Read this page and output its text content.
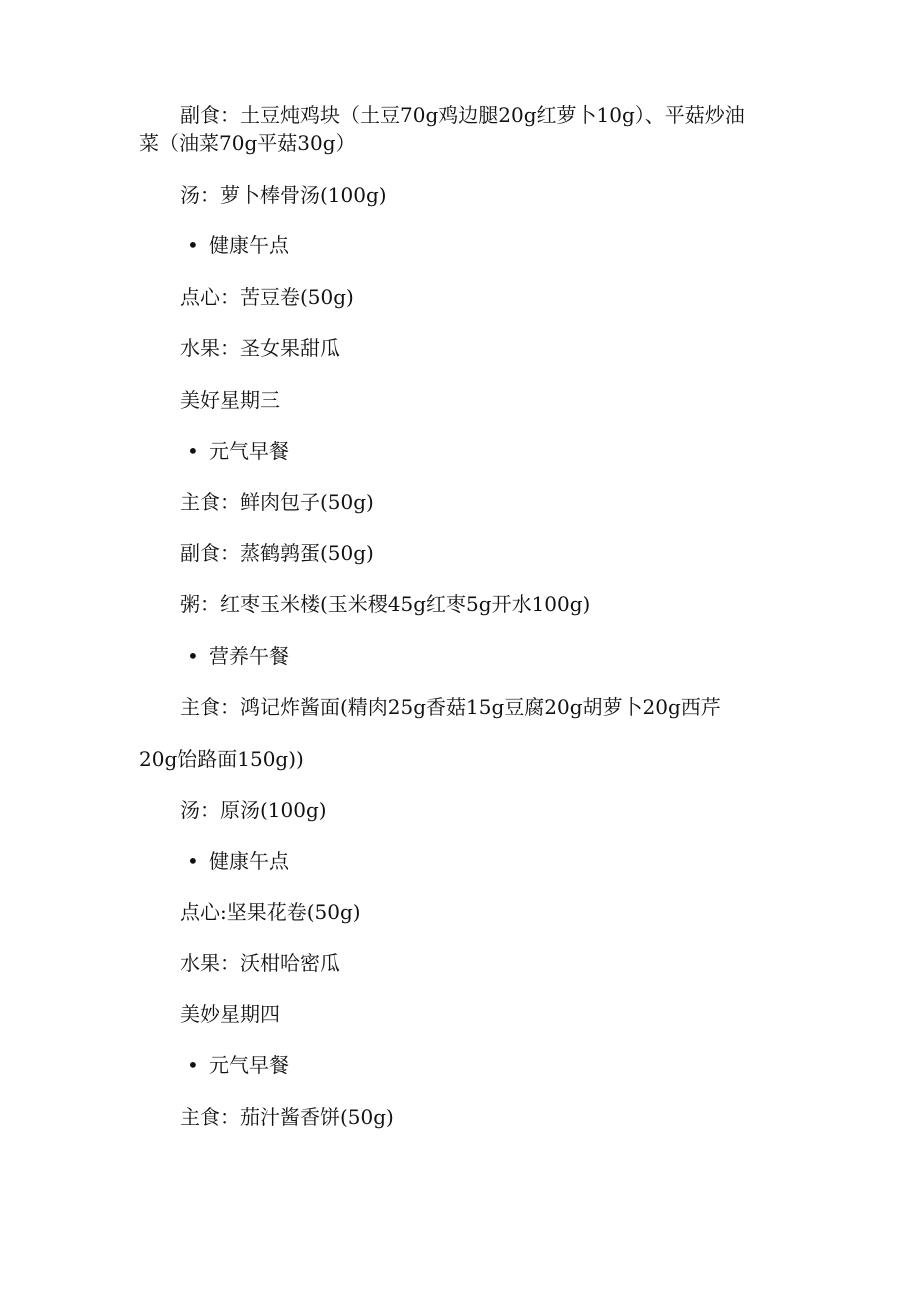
副食：土豆炖鸡块（土豆70g鸡边腿20g红萝卜10g）、平菇炒油
菜（油菜70g平菇30g）
汤：萝卜棒骨汤(100g)
• 健康午点
点心：苦豆卷(50g)
水果：圣女果甜瓜
美好星期三
• 元气早餐
主食：鲜肉包子(50g)
副食：蒸鹤鹑蛋(50g)
粥：红枣玉米楼(玉米稷45g红枣5g开水100g)
• 营养午餐
主食：鸿记炸酱面(精肉25g香菇15g豆腐20g胡萝卜20g西芹
20g饴路面150g))
汤：原汤(100g)
• 健康午点
点心:坚果花卷(50g)
水果：沃柑哈密瓜
美妙星期四
• 元气早餐
主食：茄汁酱香饼(50g)
